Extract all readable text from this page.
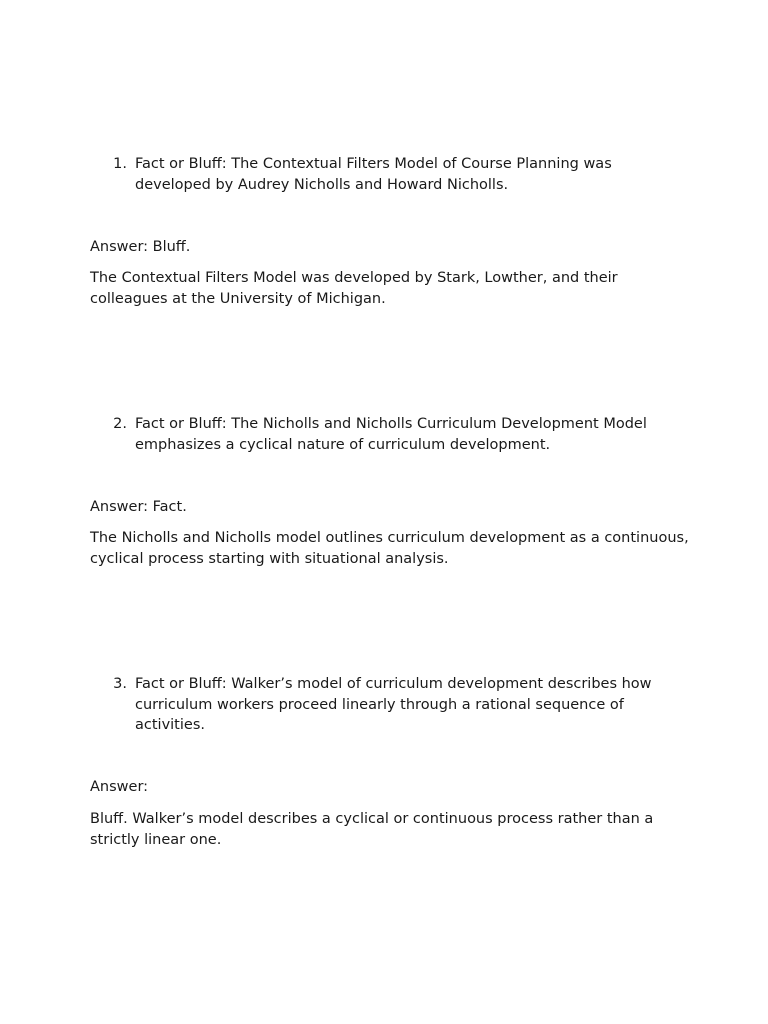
1. Fact or Bluff: The Contextual Filters Model of Course Planning was developed by Audrey Nicholls and Howard Nicholls.

Answer: Bluff.

The Contextual Filters Model was developed by Stark, Lowther, and their colleagues at the University of Michigan.

2. Fact or Bluff: The Nicholls and Nicholls Curriculum Development Model emphasizes a cyclical nature of curriculum development.

Answer: Fact.

The Nicholls and Nicholls model outlines curriculum development as a continuous, cyclical process starting with situational analysis.

3. Fact or Bluff: Walker’s model of curriculum development describes how curriculum workers proceed linearly through a rational sequence of activities.

Answer:

Bluff. Walker’s model describes a cyclical or continuous process rather than a strictly linear one.
